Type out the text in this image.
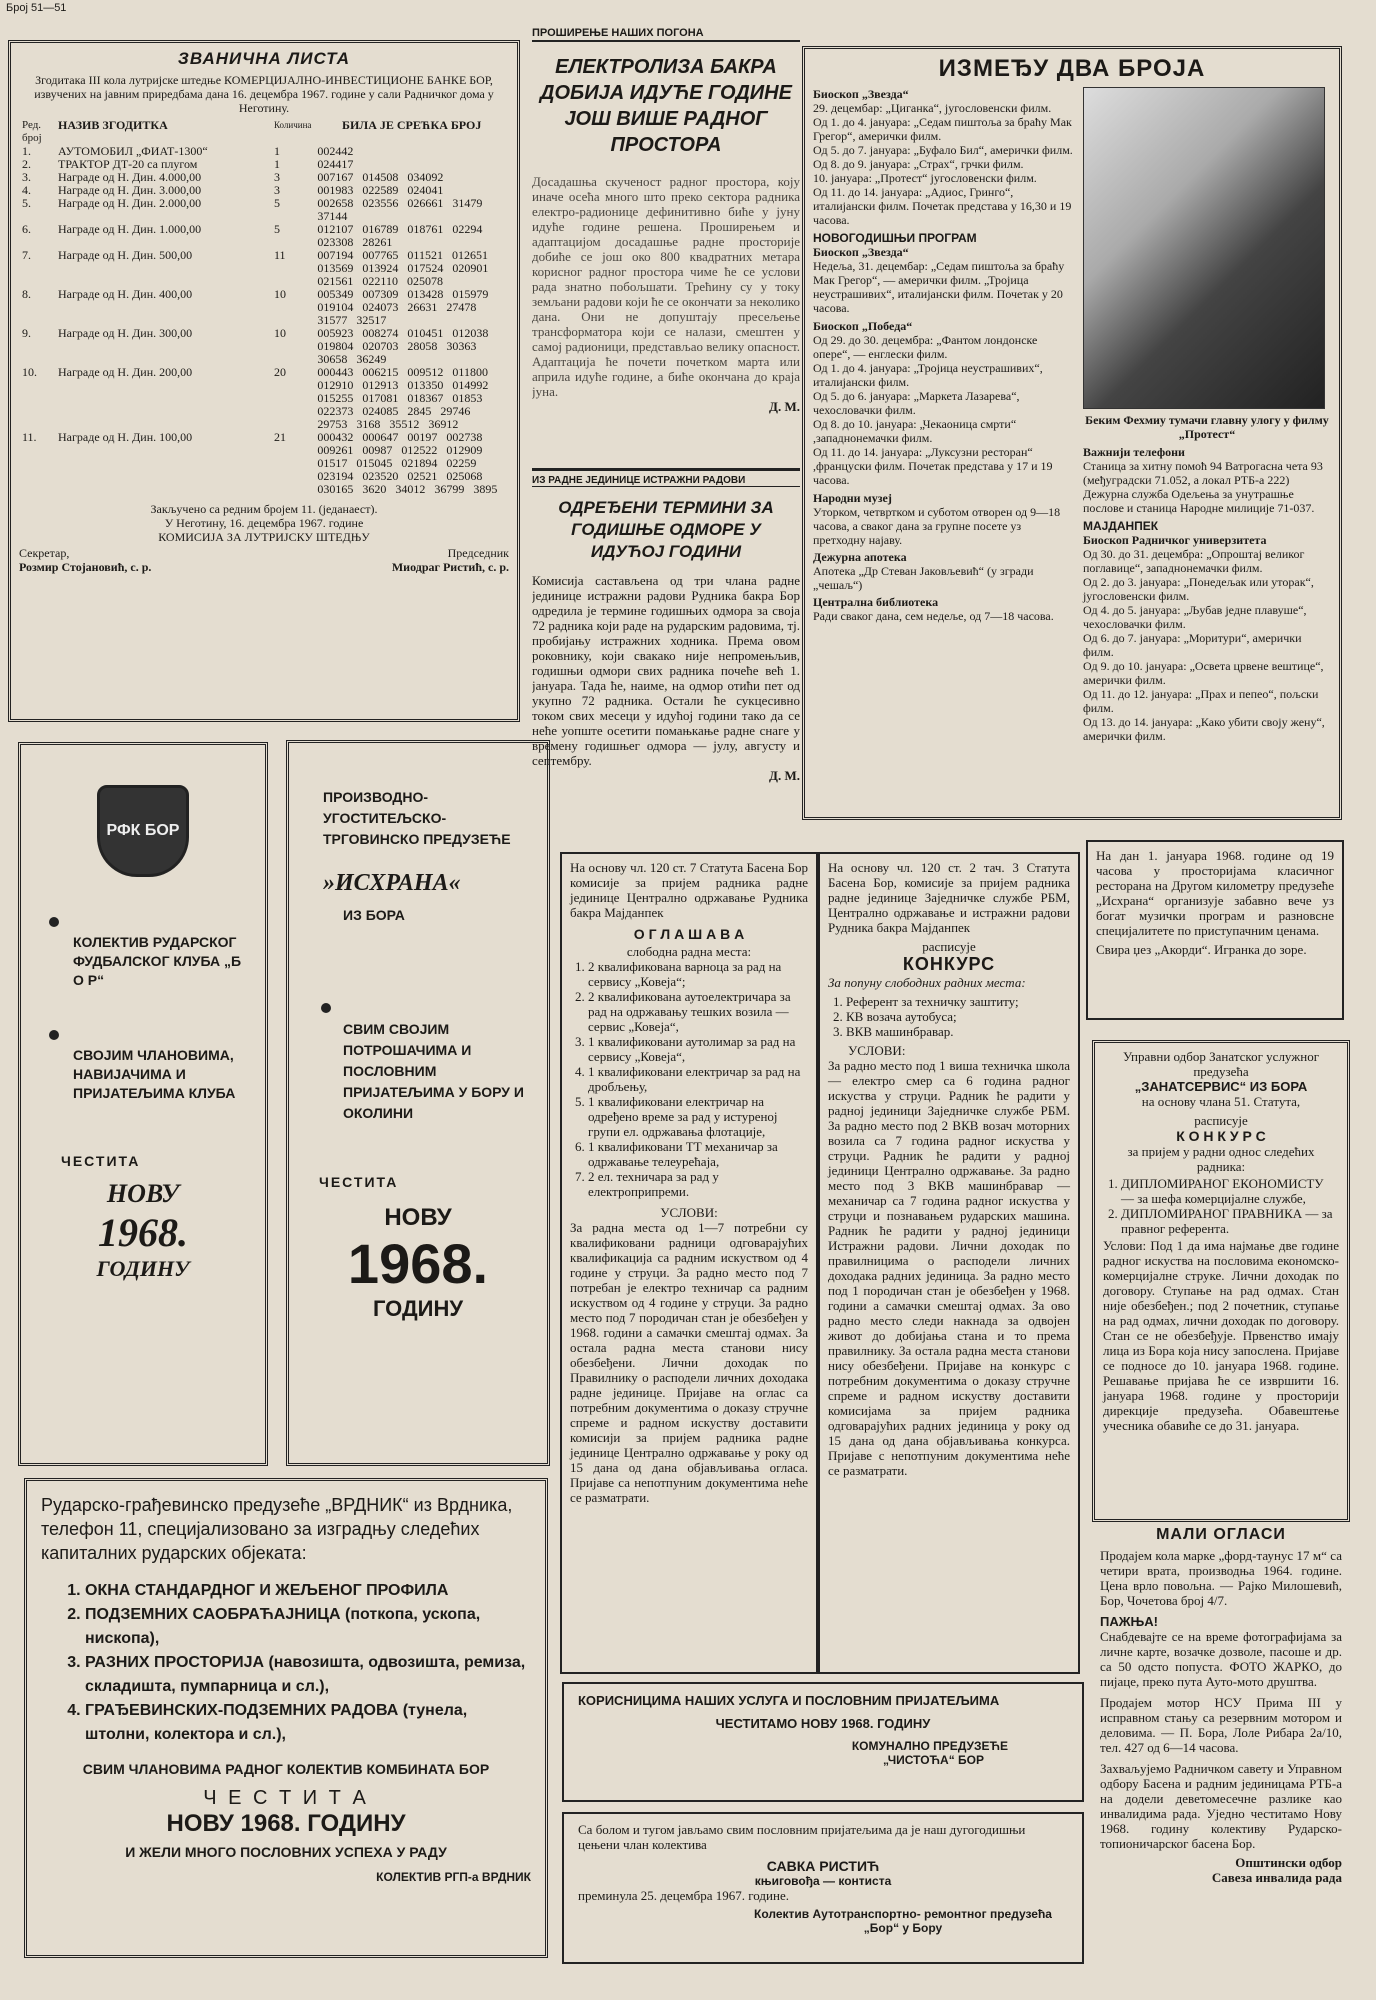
Број 51—51
ЗВАНИЧНА ЛИСТА

Згодитака III кола лутријске штедње КОМЕРЦИЈАЛНО-ИНВЕСТИЦИОНЕ БАНКЕ БОР, извучених на јавним приредбама дана 16. децембра 1967. године у сали Радничког дома у Неготину.

Ред. број	НАЗИВ ЗГОДИТКА	Количина	БИЛА ЈЕ СРЕЋКА БРОЈ
1.	АУТОМОБИЛ „ФИАТ-1300“	1	002442
2.	ТРАКТОР ДТ-20 са плугом	1	024417
3.	Награде од Н. Дин. 4.000,00	3	007167 014508 034092
4.	Награде од Н. Дин. 3.000,00	3	001983 022589 024041
5.	Награде од Н. Дин. 2.000,00	5	002658 023556 026661 31479 37144
6.	Награде од Н. Дин. 1.000,00	5	012107 016789 018761 02294 023308 28261
7.	Награде од Н. Дин. 500,00	11	007194 007765 011521 012651 013569 013924 017524 020901 021561 022110 025078
8.	Награде од Н. Дин. 400,00	10	005349 007309 013428 015979 019104 024073 26631 27478 31577 32517
9.	Награде од Н. Дин. 300,00	10	005923 008274 010451 012038 019804 020703 28058 30363 30658 36249
10.	Награде од Н. Дин. 200,00	20	000443 006215 009512 011800 012910 012913 013350 014992 015255 017081 018367 01853 022373 024085 2845 29746 29753 3168 35512 36912
11.	Награде од Н. Дин. 100,00	21	000432 000647 00197 002738 009261 00987 012522 012909 01517 015045 021894 02259 023194 023520 02521 025068 030165 3620 34012 36799 3895

Закључено са редним бројем 11. (једанаест).

У Неготину, 16. децембра 1967. године

КОМИСИЈА ЗА ЛУТРИЈСКУ ШТЕДЊУ

Секретар,

Розмир Стојановић, с. р.

Председник

Миодраг Ристић, с. р.

ПРОШИРЕЊЕ НАШИХ ПОГОНА
ЕЛЕКТРОЛИЗА БАКРА ДОБИЈА ИДУЋЕ ГОДИНЕ ЈОШ ВИШЕ РАДНОГ ПРОСТОРА

Досадашња скученост радног простора, коју иначе осећа много што преко сектора радника електро-радионице дефинитивно биће у јуну идуће године решена. Проширењем и адаптацијом досадашње радне просторије добиће се још око 800 квадратних метара корисног радног простора чиме ће се услови рада знатно побољшати. Трећину су у току земљани радови који ће се окончати за неколико дана. Они не допуштају пресељење трансформатора који се налази, смештен у самој радионици, представљао велику опасност. Адаптација ће почети почетком марта или априла идуће године, а биће окончана до краја јуна.

Д. М.

ИЗ РАДНЕ ЈЕДИНИЦЕ ИСТРАЖНИ РАДОВИ
ОДРЕЂЕНИ ТЕРМИНИ ЗА ГОДИШЊЕ ОДМОРЕ У ИДУЋОЈ ГОДИНИ

Комисија састављена од три члана радне јединице истражни радови Рудника бакра Бор одредила је термине годишњих одмора за своја 72 радника који раде на рударским радовима, тј. пробијању истражних ходника. Према овом роковнику, који свакако није непромењљив, годишњи одмори свих радника почеће већ 1. јануара. Тада ће, наиме, на одмор отићи пет од укупно 72 радника. Остали ће сукцесивно током свих месеци у идућој години тако да се неће уопште осетити помањкање радне снаге у времену годишњег одмора — јулу, августу и септембру.

Д. М.

ИЗМЕЂУ ДВА БРОЈА

Биоскоп „Звезда“

29. децембар: „Циганка“, југословенски филм.

Од 1. до 4. јануара: „Седам пиштоља за браћу Мак Грегор“, амерички филм.

Од 5. до 7. јануара: „Буфало Бил“, амерички филм.

Од 8. до 9. јануара: „Страх“, грчки филм.

10. јануара: „Протест“ југословенски филм.

Од 11. до 14. јануара: „Адиос, Гринго“, италијански филм. Почетак представа у 16,30 и 19 часова.

НОВОГОДИШЊИ ПРОГРАМ

Биоскоп „Звезда“

Недеља, 31. децембар: „Седам пиштоља за браћу Мак Грегор“, — амерички филм. „Тројица неустрашивих“, италијански филм. Почетак у 20 часова.

Биоскоп „Победа“

Од 29. до 30. децембра: „Фантом лондонске опере“, — енглески филм.

Од 1. до 4. јануара: „Тројица неустрашивих“, италијански филм.

Од 5. до 6. јануара: „Маркета Лазарева“, чехословачки филм.

Од 8. до 10. јануара: „Чекаоница смрти“ ,западнонемачки филм.

Од 11. до 14. јануара: „Луксузни ресторан“ ,француски филм. Почетак представа у 17 и 19 часова.

Народни музеј

Уторком, четвртком и суботом отворен од 9—18 часова, а сваког дана за групне посете уз претходну најаву.

Дежурна апотека

Апотека „Др Стеван Јаковљевић“ (у згради „чешаљ“)

Централна библиотека

Ради сваког дана, сем недеље, од 7—18 часова.

Беким Фехмиу тумачи главну улогу у филму „Протест“

Важнији телефони

Станица за хитну помоћ 94 Ватрогасна чета 93 (међуградски 71.052, а локал РТБ-а 222) Дежурна служба Одељења за унутрашње послове и станица Народне милиције 71-037.

МАЈДАНПЕК

Биоскоп Радничког универзитета

Од 30. до 31. децембра: „Опроштај великог поглавице“, западнонемачки филм.

Од 2. до 3. јануара: „Понедељак или уторак“, југословенски филм.

Од 4. до 5. јануара: „Љубав једне плавуше“, чехословачки филм.

Од 6. до 7. јануара: „Моритури“, амерички филм.

Од 9. до 10. јануара: „Освета црвене вештице“, амерички филм.

Од 11. до 12. јануара: „Прах и пепео“, пољски филм.

Од 13. до 14. јануара: „Како убити своју жену“, амерички филм.

РФК БОР

КОЛЕКТИВ РУДАРСКОГ ФУДБАЛСКОГ КЛУБА „Б О Р“

СВОЈИМ ЧЛАНОВИМА, НАВИЈАЧИМА И ПРИЈАТЕЉИМА КЛУБА

ЧЕСТИТА

НОВУ

1968.

ГОДИНУ

ПРОИЗВОДНО- УГОСТИТЕЉСКО- ТРГОВИНСКО ПРЕДУЗЕЋЕ

»ИСХРАНА«

ИЗ БОРА

СВИМ СВОЈИМ ПОТРОШАЧИМА И ПОСЛОВНИМ ПРИЈАТЕЉИМА У БОРУ И ОКОЛИНИ

ЧЕСТИТА

НОВУ

1968.

ГОДИНУ

На основу чл. 120 ст. 7 Статута Басена Бор комисије за пријем радника радне јединице Централно одржавање Рудника бакра Мајданпек

О Г Л А Ш А В А

слободна радна места:

1. 2 квалификована варноца за рад на сервису „Ковеја“;
2. 2 квалификована аутоелектричара за рад на одржавању тешких возила — сервис „Ковеја“,
3. 1 квалификовани аутолимар за рад на сервису „Ковеја“,
4. 1 квалификовани електричар за рад на дробљењу,
5. 1 квалификовани електричар на одређено време за рад у истуреној групи ел. одржавања флотације,
6. 1 квалификовани ТТ механичар за одржавање телеурећаја,
7. 2 ел. техничара за рад у електроприпреми.

УСЛОВИ:

За радна места од 1—7 потребни су квалификовани радници одговарајућих квалификација са радним искуством од 4 године у струци. За радно место под 7 потребан је електро техничар са радним искуством од 4 године у струци. За радно место под 7 породичан стан је обезбеђен у 1968. години а самачки смештај одмах. За остала радна места станови нису обезбеђени. Лични доходак по Правилнику о расподели личних доходака радне јединице. Пријаве на оглас са потребним документима о доказу стручне спреме и радном искуству доставити комисији за пријем радника радне јединице Централно одржавање у року од 15 дана од дана објављивања огласа. Пријаве са непотпуним документима неће се разматрати.

На основу чл. 120 ст. 2 тач. 3 Статута Басена Бор, комисије за пријем радника радне јединице Заједничке службе РБМ, Централно одржавање и истражни радови Рудника бакра Мајданпек

расписује

КОНКУРС

За попуну слободних радних места:

1. Референт за техничку заштиту;
2. КВ возача аутобуса;
3. ВКВ машинбравар.

УСЛОВИ:

За радно место под 1 виша техничка школа — електро смер са 6 година радног искуства у струци. Радник ће радити у радној јединици Заједничке службе РБМ. За радно место под 2 ВКВ возач моторних возила са 7 година радног искуства у струци. Радник ће радити у радној јединици Централно одржавање. За радно место под 3 ВКВ машинбравар — механичар са 7 година радног искуства у струци и познавањем рударских машина. Радник ће радити у радној јединици Истражни радови. Лични доходак по правилницима о расподели личних доходака радних јединица. За радно место под 1 породичан стан је обезбеђен у 1968. години а самачки смештај одмах. За ово радно место следи накнада за одвојен живот до добијања стана и то према правилнику. За остала радна места станови нису обезбеђени. Пријаве на конкурс с потребним документима о доказу стручне спреме и радном искуству доставити комисијама за пријем радника одговарајућих радних јединица у року од 15 дана од дана објављивања конкурса. Пријаве с непотпуним документима неће се разматрати.

На дан 1. јануара 1968. године од 19 часова у просторијама класичног ресторана на Другом километру предузеће „Исхрана“ организује забавно вече уз богат музички програм и разновсне специјалитете по приступачним ценама.

Свира џез „Акорди“. Игранка до зоре.

Управни одбор Занатског услужног предузећа

„ЗАНАТСЕРВИС“ ИЗ БОРА

на основу члана 51. Статута,

расписује

К О Н К У Р С

за пријем у радни однос следећих радника:

1. ДИПЛОМИРАНОГ ЕКОНОМИСТУ — за шефа комерцијалне службе,
2. ДИПЛОМИРАНОГ ПРАВНИКА — за правног референта.

Услови: Под 1 да има најмање две године радног искуства на пословима економско-комерцијалне струке. Лични доходак по договору. Ступање на рад одмах. Стан није обезбеђен.; под 2 почетник, ступање на рад одмах, лични доходак по договору. Стан се не обезбеђује. Првенство имају лица из Бора која нису запослена. Пријаве се подносе до 10. јануара 1968. године. Решавање пријава ће се извршити 16. јануара 1968. године у просторији дирекције предузећа. Обавештење учесника обавиће се до 31. јануара.

Рударско-грађевинско предузеће „ВРДНИК“ из Врдника, телефон 11, специјализовано за изградњу следећих капиталних рударских објеката:

1. ОКНА СТАНДАРДНОГ И ЖЕЉЕНОГ ПРОФИЛА
2. ПОДЗЕМНИХ САОБРАЋАЈНИЦА (поткопа, ускопа, нископа),
3. РАЗНИХ ПРОСТОРИЈА (навозишта, одвозишта, ремиза, складишта, пумпарница и сл.),
4. ГРАЂЕВИНСКИХ-ПОДЗЕМНИХ РАДОВА (тунела, штолни, колектора и сл.),

СВИМ ЧЛАНОВИМА РАДНОГ КОЛЕКТИВ КОМБИНАТА БОР

Ч Е С Т И Т А

НОВУ 1968. ГОДИНУ

И ЖЕЛИ МНОГО ПОСЛОВНИХ УСПЕХА У РАДУ

КОЛЕКТИВ РГП-а ВРДНИК

КОРИСНИЦИМА НАШИХ УСЛУГА И ПОСЛОВНИМ ПРИЈАТЕЉИМА

ЧЕСТИТАМО НОВУ 1968. ГОДИНУ

КОМУНАЛНО ПРЕДУЗЕЋЕ

„ЧИСТОЋА“ БОР

Са болом и тугом јављамо свим пословним пријатељима да је наш дугогодишњи цењени члан колектива

САВКА РИСТИЋ

књиговођа — контиста

преминула 25. децембра 1967. године.

Колектив Аутотранспортно- ремонтног предузећа „Бор“ у Бору

МАЛИ ОГЛАСИ

Продајем кола марке „форд-таунус 17 м“ са четири врата, производња 1964. године. Цена врло повољна. — Рајко Милошевић, Бор, Чочетова број 4/7.

ПАЖЊА!

Снабдевајте се на време фотографијама за личне карте, возачке дозволе, пасоше и др. са 50 одсто попуста. ФОТО ЖАРКО, до пијаце, преко пута Ауто-мото друштва.

Продајем мотор НСУ Прима III у исправном стању са резервним мотором и деловима. — П. Бора, Лоле Рибара 2а/10, тел. 427 од 6—14 часова.

Захваљујемо Радничком савету и Управном одбору Басена и радним јединицама РТБ-а на додели деветомесечне разлике као инвалидима рада. Уједно честитамо Нову 1968. годину колективу Рударско-топионичарског басена Бор.

Општински одбор

Савеза инвалида рада
